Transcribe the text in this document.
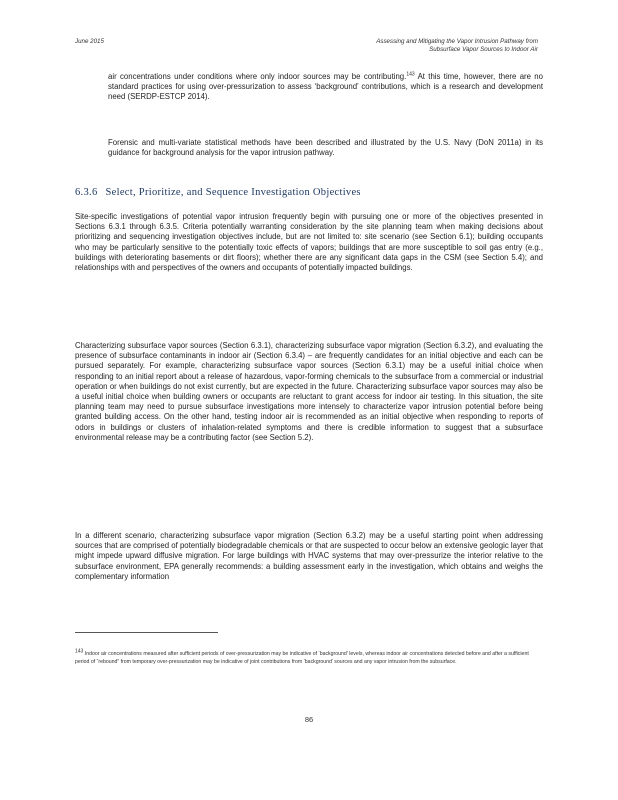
June 2015	Assessing and Mitigating the Vapor Intrusion Pathway from
Subsurface Vapor Sources to Indoor Air
air concentrations under conditions where only indoor sources may be contributing.$^{143}$ At this time, however, there are no standard practices for using over-pressurization to assess ‘background’ contributions, which is a research and development need (SERDP-ESTCP 2014).
Forensic and multi-variate statistical methods have been described and illustrated by the U.S. Navy (DoN 2011a) in its guidance for background analysis for the vapor intrusion pathway.
6.3.6 Select, Prioritize, and Sequence Investigation Objectives
Site-specific investigations of potential vapor intrusion frequently begin with pursuing one or more of the objectives presented in Sections 6.3.1 through 6.3.5. Criteria potentially warranting consideration by the site planning team when making decisions about prioritizing and sequencing investigation objectives include, but are not limited to: site scenario (see Section 6.1); building occupants who may be particularly sensitive to the potentially toxic effects of vapors; buildings that are more susceptible to soil gas entry (e.g., buildings with deteriorating basements or dirt floors); whether there are any significant data gaps in the CSM (see Section 5.4); and relationships with and perspectives of the owners and occupants of potentially impacted buildings.
Characterizing subsurface vapor sources (Section 6.3.1), characterizing subsurface vapor migration (Section 6.3.2), and evaluating the presence of subsurface contaminants in indoor air (Section 6.3.4) – are frequently candidates for an initial objective and each can be pursued separately. For example, characterizing subsurface vapor sources (Section 6.3.1) may be a useful initial choice when responding to an initial report about a release of hazardous, vapor-forming chemicals to the subsurface from a commercial or industrial operation or when buildings do not exist currently, but are expected in the future. Characterizing subsurface vapor sources may also be a useful initial choice when building owners or occupants are reluctant to grant access for indoor air testing. In this situation, the site planning team may need to pursue subsurface investigations more intensely to characterize vapor intrusion potential before being granted building access. On the other hand, testing indoor air is recommended as an initial objective when responding to reports of odors in buildings or clusters of inhalation-related symptoms and there is credible information to suggest that a subsurface environmental release may be a contributing factor (see Section 5.2).
In a different scenario, characterizing subsurface vapor migration (Section 6.3.2) may be a useful starting point when addressing sources that are comprised of potentially biodegradable chemicals or that are suspected to occur below an extensive geologic layer that might impede upward diffusive migration. For large buildings with HVAC systems that may over-pressurize the interior relative to the subsurface environment, EPA generally recommends: a building assessment early in the investigation, which obtains and weighs the complementary information
$^{143}$ Indoor air concentrations measured after sufficient periods of over-pressurization may be indicative of ‘background’ levels, whereas indoor air concentrations detected before and after a sufficient period of “rebound” from temporary over-pressurization may be indicative of joint contributions from ‘background’ sources and any vapor intrusion from the subsurface.
86
